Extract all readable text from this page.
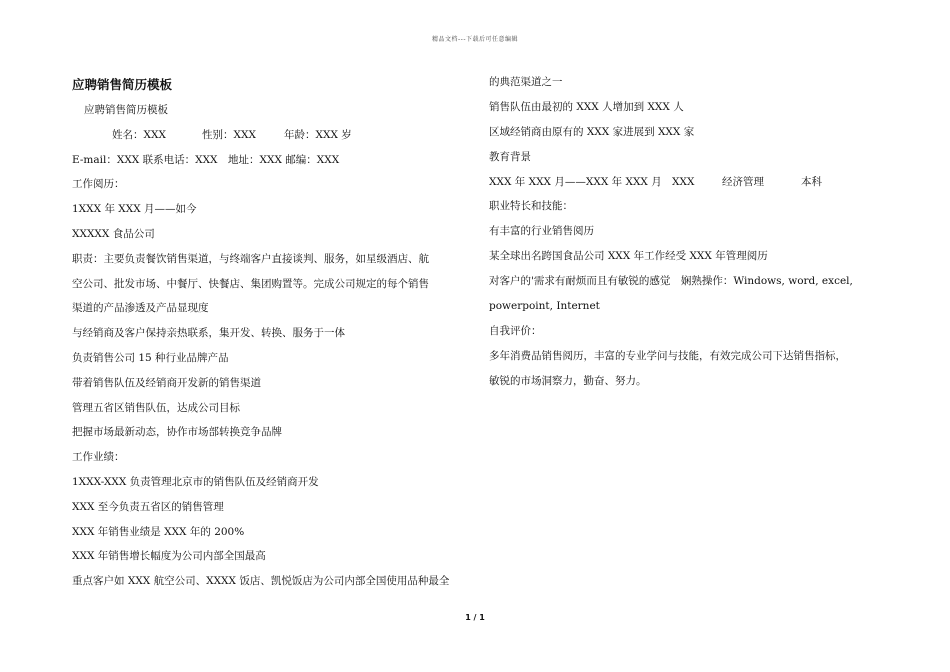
精品文档---下载后可任意编辑
应聘销售简历模板
应聘销售简历模板
姓名：XXX	性别：XXX	年龄：XXX 岁
E-mail：XXX 联系电话：XXX 地址：XXX 邮编：XXX
工作阅历：
1XXX 年 XXX 月——如今
XXXXX 食品公司
职责：主要负责餐饮销售渠道，与终端客户直接谈判、服务，如星级酒店、航
空公司、批发市场、中餐厅、快餐店、集团购置等。完成公司规定的每个销售
渠道的产品渗透及产品显现度
与经销商及客户保持亲热联系，集开发、转换、服务于一体
负责销售公司 15 种行业品牌产品
带着销售队伍及经销商开发新的销售渠道
管理五省区销售队伍，达成公司目标
把握市场最新动态，协作市场部转换竞争品牌
工作业绩：
1XXX-XXX 负责管理北京市的销售队伍及经销商开发
XXX 至今负责五省区的销售管理
XXX 年销售业绩是 XXX 年的 200%
XXX 年销售增长幅度为公司内部全国最高
重点客户如 XXX 航空公司、XXXX 饭店、凯悦饭店为公司内部全国使用品种最全
的典范渠道之一
销售队伍由最初的 XXX 人增加到 XXX 人
区域经销商由原有的 XXX 家进展到 XXX 家
教育背景
XXX 年 XXX 月——XXX 年 XXX 月 XXX	经济管理	本科
职业特长和技能：
有丰富的行业销售阅历
某全球出名跨国食品公司 XXX 年工作经受 XXX 年管理阅历
对客户的'需求有耐烦而且有敏锐的感觉　娴熟操作：Windows, word, excel,
powerpoint, Internet
自我评价：
多年消费品销售阅历，丰富的专业学问与技能，有效完成公司下达销售指标，
敏锐的市场洞察力，勤奋、努力。
1 / 1
